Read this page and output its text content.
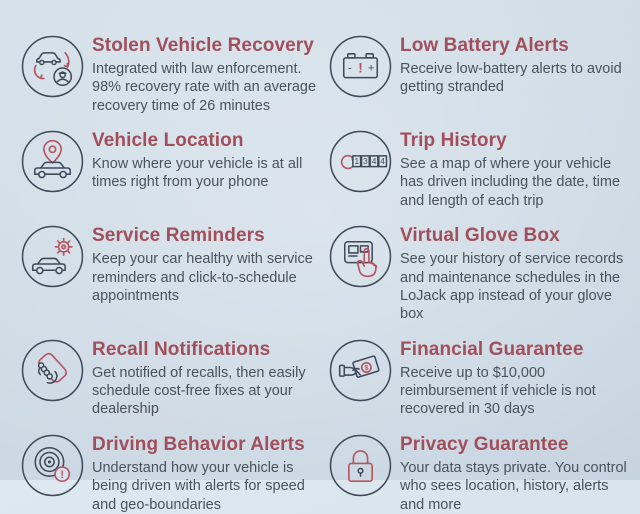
Stolen Vehicle Recovery

Integrated with law enforcement. 98% recovery rate with an average recovery time of 26 minutes

- ! +
Low Battery Alerts

Receive low-battery alerts to avoid getting stranded

Vehicle Location

Know where your vehicle is at all times right from your phone

1 3 4 4
Trip History

See a map of where your vehicle has driven including the date, time and length of each trip

Service Reminders

Keep your car healthy with service reminders and click-to-schedule appointments

Virtual Glove Box

See your history of service records and maintenance schedules in the LoJack app instead of your glove box

Recall Notifications

Get notified of recalls, then easily schedule cost-free fixes at your dealership

$
Financial Guarantee

Receive up to $10,000 reimbursement if vehicle is not recovered in 30 days

!
Driving Behavior Alerts

Understand how your vehicle is being driven with alerts for speed and geo-boundaries

Privacy Guarantee

Your data stays private. You control who sees location, history, alerts and more
